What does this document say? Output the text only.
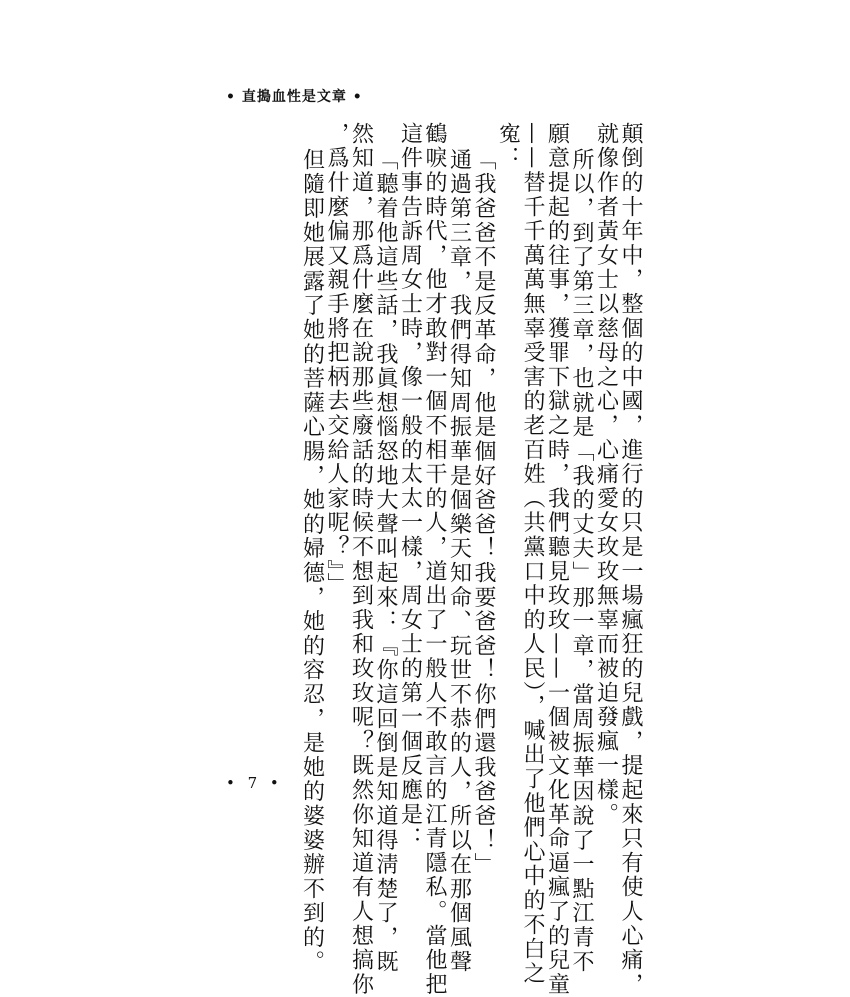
• 直搗血性是文章 •

顛倒的十年中，整個的中國，進行的只是一場瘋狂的兒戲，提起來只有使人心痛，

就像作者黃女士以慈母之心，心痛愛女玫玫無辜而被迫發瘋一樣。

所以，到了第三章，也就是「我的丈夫」那一章，當周振華因說了一點江青不

願意提起的往事，獲罪下獄之時，我們聽見玫玫——一個被文化革命逼瘋了的兒童

——替千千萬萬無辜受害的老百姓（共黨口中的人民），喊出了他們心中的不白之

寃：

「我爸爸不是反革命，他是個好爸爸！我要爸爸！你們還我爸爸！」

通過第三章，我們得知周振華是個樂天知命、玩世不恭的人，所以在那個風聲

鶴唳的時代，他才敢對一個不相干的人，道出了一般人不敢言的江青隱私。當他把

這件事告訴周女士時，像一般的太太一樣，周女士的第一個反應是：

「聽着他這些話，我眞想惱怒地大聲叫起來：『你這回倒是知道得淸楚了，既

然知道，那爲什麼在說那些廢話的時候不想到我和玫玫呢？既然你知道有人想搞你

，爲什麼偏又親手將把柄去交給人家呢？』」

但隨即她展露了她的菩薩心腸，她的婦德，她的容忍，是她的婆婆辦不到的。

• 7 •
